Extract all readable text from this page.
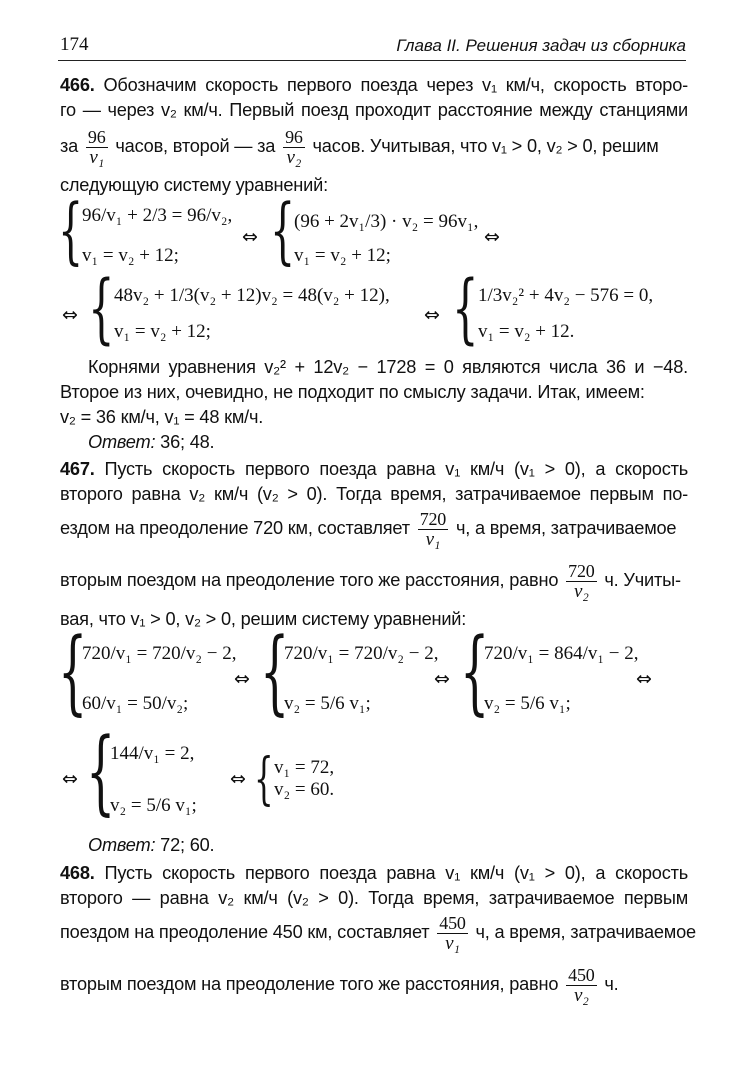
174	Глава II. Решения задач из сборника
466. Обозначим скорость первого поезда через v₁ км/ч, скорость второ-
го — через v₂ км/ч. Первый поезд проходит расстояние между станциями
за $\frac{96}{\text{v₁}}$ часов, второй — за $\frac{96}{\text{v₂}}$ часов. Учитывая, что v₁ > 0, v₂ > 0, решим
следующую систему уравнений:
{
96/v₁ + 2/3 = 96/v₂,
v₁ = v₂ + 12;
⇔ {
(96 + 2v₁/3) · v₂ = 96v₁,
v₁ = v₂ + 12;
⇔
⇔ { 48v₂ + 1/3(v₂ + 12)v₂ = 48(v₂ + 12),
v₁ = v₂ + 12;
⇔ { 1/3v₂² + 4v₂ − 576 = 0,
v₁ = v₂ + 12.
Корнями уравнения v₂² + 12v₂ − 1728 = 0 являются числа 36 и −48.
Второе из них, очевидно, не подходит по смыслу задачи. Итак, имеем:
v₂ = 36 км/ч, v₁ = 48 км/ч.
Ответ: 36; 48.
467. Пусть скорость первого поезда равна v₁ км/ч (v₁ > 0), а скорость
второго равна v₂ км/ч (v₂ > 0). Тогда время, затрачиваемое первым по-
ездом на преодоление 720 км, составляет $\frac{720}{\text{v₁}} ч$, а время, затрачиваемое
вторым поездом на преодоление того же расстояния, равно $\frac{720}{\text{v₂}} ч$. Учиты-
вая, что v₁ > 0, v₂ > 0, решим систему уравнений:
{
720/v₁ = 720/v₂ − 2,
60/v₁ = 50/v₂;
⇔ {
720/v₁ = 720/v₂ − 2,
v₂ = 5/6 v₁;
⇔ {
720/v₁ = 864/v₁ − 2,
v₂ = 5/6 v₁;
⇔
⇔ {
144/v₁ = 2,
v₂ = 5/6 v₁;
⇔ { v₁ = 72,
v₂ = 60.
Ответ: 72; 60.
468. Пусть скорость первого поезда равна v₁ км/ч (v₁ > 0), а скорость
второго — равна v₂ км/ч (v₂ > 0). Тогда время, затрачиваемое первым
поездом на преодоление 450 км, составляет $\frac{450}{\text{v₁}} ч$, а время, затрачиваемое
вторым поездом на преодоление того же расстояния, равно $\frac{450}{\text{v₂}} ч$.
